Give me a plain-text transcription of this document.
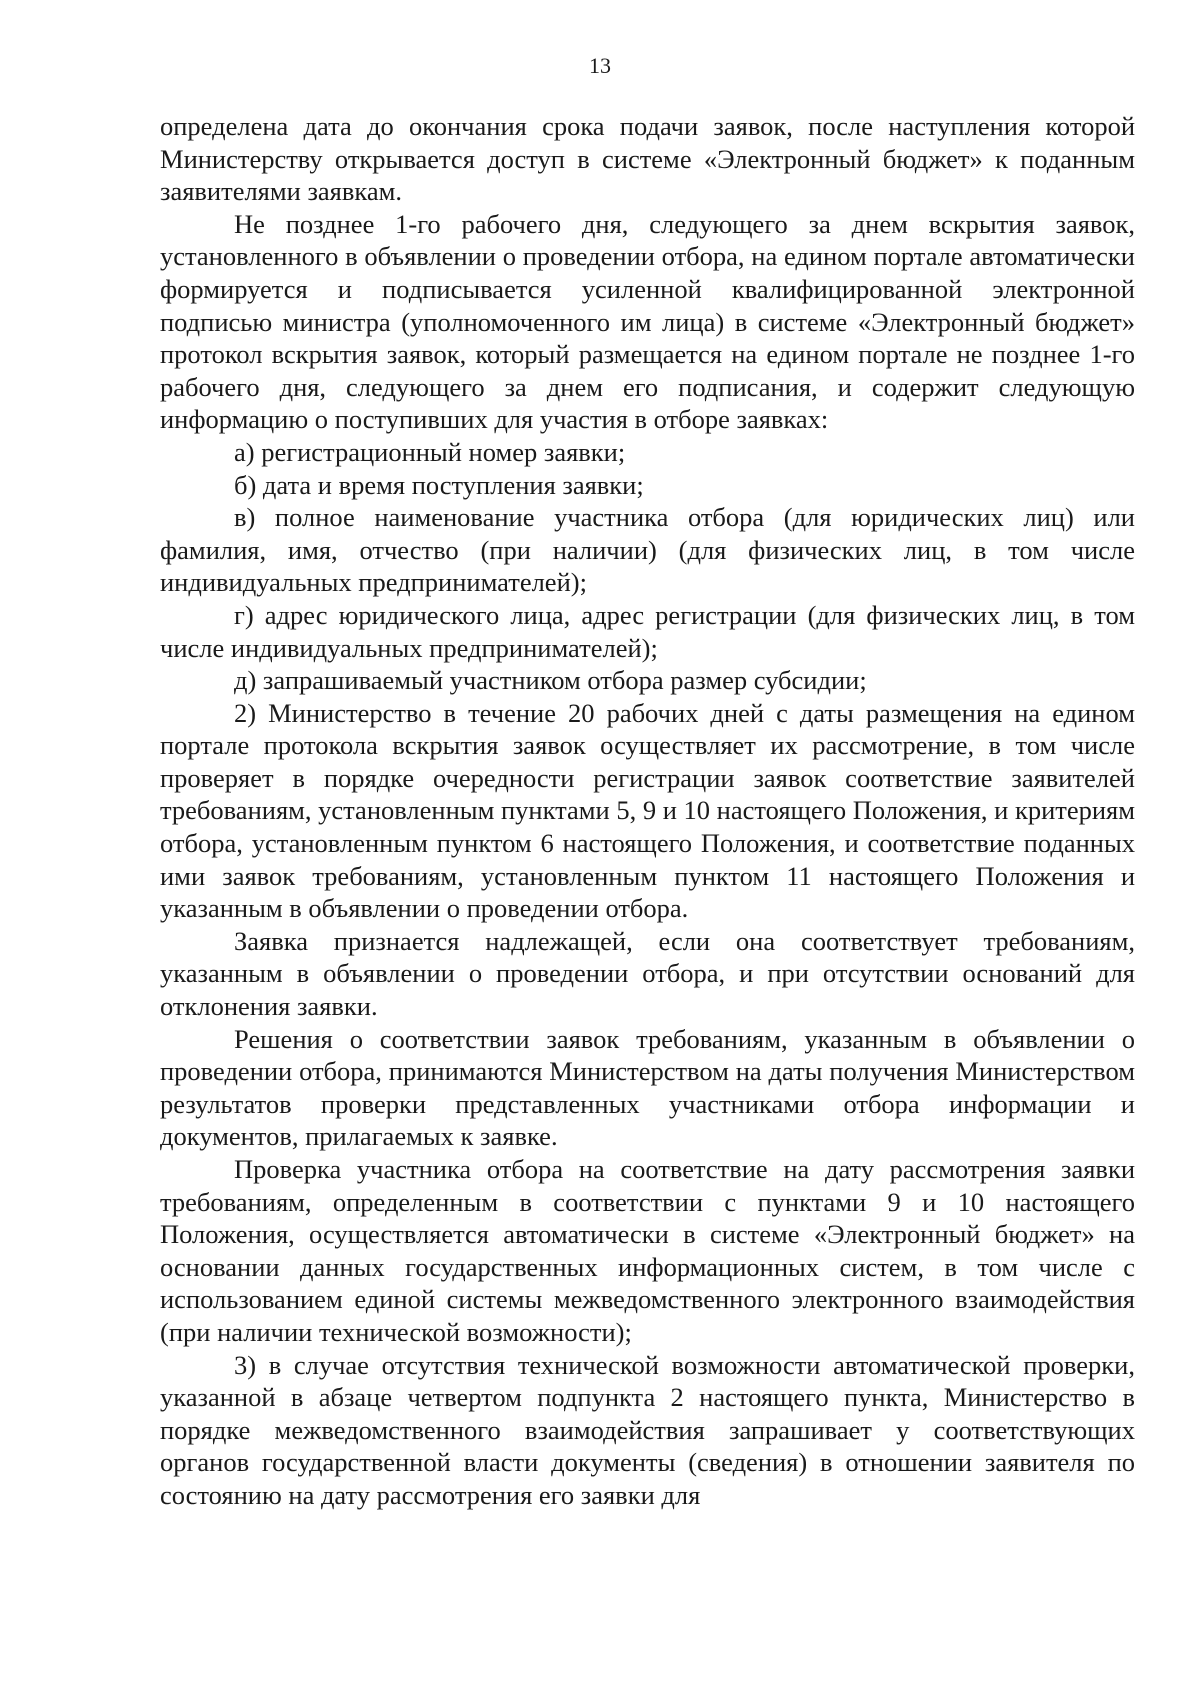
13

определена дата до окончания срока подачи заявок, после наступления которой Министерству открывается доступ в системе «Электронный бюджет» к поданным заявителями заявкам.

Не позднее 1-го рабочего дня, следующего за днем вскрытия заявок, установленного в объявлении о проведении отбора, на едином портале автоматически формируется и подписывается усиленной квалифицированной электронной подписью министра (уполномоченного им лица) в системе «Электронный бюджет» протокол вскрытия заявок, который размещается на едином портале не позднее 1-го рабочего дня, следующего за днем его подписания, и содержит следующую информацию о поступивших для участия в отборе заявках:

а) регистрационный номер заявки;

б) дата и время поступления заявки;

в) полное наименование участника отбора (для юридических лиц) или фамилия, имя, отчество (при наличии) (для физических лиц, в том числе индивидуальных предпринимателей);

г) адрес юридического лица, адрес регистрации (для физических лиц, в том числе индивидуальных предпринимателей);

д) запрашиваемый участником отбора размер субсидии;

2) Министерство в течение 20 рабочих дней с даты размещения на едином портале протокола вскрытия заявок осуществляет их рассмотрение, в том числе проверяет в порядке очередности регистрации заявок соответствие заявителей требованиям, установленным пунктами 5, 9 и 10 настоящего Положения, и критериям отбора, установленным пунктом 6 настоящего Положения, и соответствие поданных ими заявок требованиям, установленным пунктом 11 настоящего Положения и указанным в объявлении о проведении отбора.

Заявка признается надлежащей, если она соответствует требованиям, указанным в объявлении о проведении отбора, и при отсутствии оснований для отклонения заявки.

Решения о соответствии заявок требованиям, указанным в объявлении о проведении отбора, принимаются Министерством на даты получения Министерством результатов проверки представленных участниками отбора информации и документов, прилагаемых к заявке.

Проверка участника отбора на соответствие на дату рассмотрения заявки требованиям, определенным в соответствии с пунктами 9 и 10 настоящего Положения, осуществляется автоматически в системе «Электронный бюджет» на основании данных государственных информационных систем, в том числе с использованием единой системы межведомственного электронного взаимодействия (при наличии технической возможности);

3) в случае отсутствия технической возможности автоматической проверки, указанной в абзаце четвертом подпункта 2 настоящего пункта, Министерство в порядке межведомственного взаимодействия запрашивает у соответствующих органов государственной власти документы (сведения) в отношении заявителя по состоянию на дату рассмотрения его заявки для
